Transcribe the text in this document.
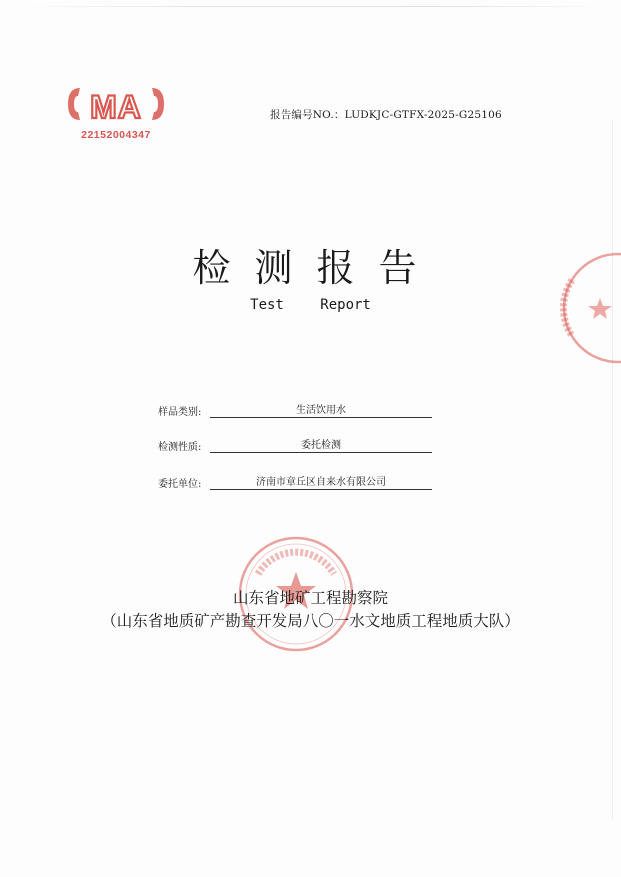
MA
22152004347
报告编号NO.：LUDKJC-GTFX-2025-G25106
检测报告
Test Report
样品类别:	生活饮用水
检测性质:	委托检测
委托单位:	济南市章丘区自来水有限公司
山东省地矿工程勘察院
（山东省地质矿产勘查开发局八〇一水文地质工程地质大队）
